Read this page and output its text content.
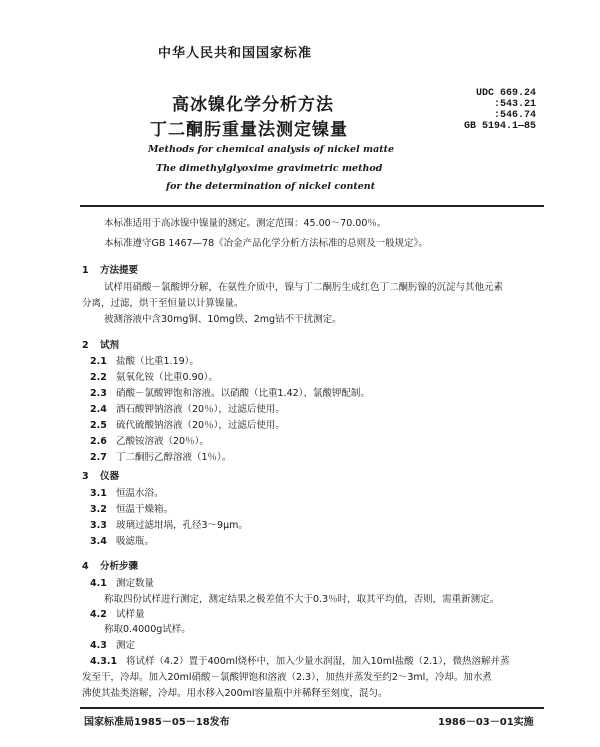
中华人民共和国国家标准
高冰镍化学分析方法
丁二酮肟重量法测定镍量
UDC 669.24
:543.21
:546.74
GB 5194.1—85
Methods for chemical analysis of nickel matte
The dimethylglyoxime gravimetric method
for the determination of nickel content
本标准适用于高冰镍中镍量的测定。测定范围：45.00～70.00％。
本标准遵守GB 1467—78《冶金产品化学分析方法标准的总则及一般规定》。
1 方法提要
试样用硝酸－氯酸钾分解，在氨性介质中，镍与丁二酮肟生成红色丁二酮肟镍的沉淀与其他元素
分离，过滤，烘干至恒量以计算镍量。
被测溶液中含30mg铜、10mg铁、2mg钴不干扰测定。
2 试剂
2.1 盐酸（比重1.19）。
2.2 氨氧化铵（比重0.90）。
2.3 硝酸－氯酸钾饱和溶液。以硝酸（比重1.42）、氯酸钾配制。
2.4 酒石酸钾钠溶液（20％），过滤后使用。
2.5 硫代硫酸钠溶液（20％），过滤后使用。
2.6 乙酸铵溶液（20％）。
2.7 丁二酮肟乙醇溶液（1％）。
3 仪器
3.1 恒温水浴。
3.2 恒温干燥箱。
3.3 玻璃过滤坩埚，孔径3～9μm。
3.4 吸滤瓶。
4 分析步骤
4.1 测定数量
称取四份试样进行测定，测定结果之极差值不大于0.3％时，取其平均值，否则，需重新测定。
4.2 试样量
称取0.4000g试样。
4.3 测定
4.3.1 将试样（4.2）置于400ml烧杯中，加入少量水润湿，加入10ml盐酸（2.1），微热溶解并蒸
发至干，冷却。加入20ml硝酸－氯酸钾饱和溶液（2.3），加热并蒸发至约2～3ml，冷却。加水煮
沸使其盐类溶解，冷却。用水移入200ml容量瓶中并稀释至刻度，混匀。
国家标准局1985－05－18发布	1986－03－01实施
